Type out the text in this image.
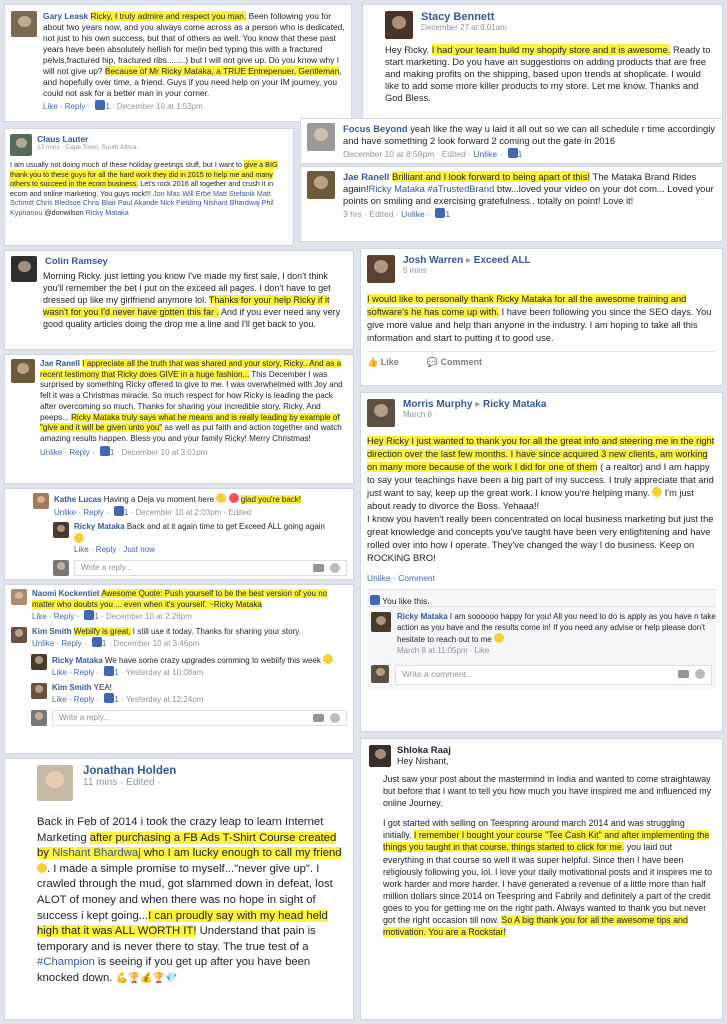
Gary Leask Ricky, I truly admire and respect you man. Been following you for about two years now, and you always come across as a person who is dedicated, not just to his own success, but that of others as well. You know that these past years have been absolutely hellish for me(in bed typing this with a fractured pelvis,fractured hip, fractured ribs........) but I will not give up. Do you know why I will not give up? Because of Mr Ricky Mataka, a TRUE Entrepenuer, Gentleman, and hopefully over time, a friend. Guys if you need help on your IM journey, you could not ask for a better man in your corner.
Like · Reply · 1 · December 10 at 1:53pm
Stacy Bennett
December 27 at 9:01am
Hey Ricky. I had your team build my shopify store and it is awesome. Ready to start marketing. Do you have an suggestions on adding products that are free and making profits on the shipping, based upon trends at shoplicate. I would like to add some more killer products to my store. Let me know. Thanks and God Bless.
Claus Lauter
13 mins · Cape Town, South Africa ·
I am usually not doing much of these holiday greetings stuff, but I want to give a BIG thank you to these guys for all the hard work they did in 2015 to help me and many others to succeed in the ecom business. Let's rock 2016 all together and crush it in ecom and online marketing. You guys rock!!! Jon Mac Will Erbe Matt Stefanik Matt Schmitt Chris Bledsoe Chris Blair Paul Akande Nick Fielding Nishant Bhardwaj Phil Kyprianou @donwilson Ricky Mataka
Focus Beyond yeah like the way u laid it all out so we can all schedule r time accordingly and have something 2 look forward 2 coming out the gate in 2016
December 10 at 8:58pm · Edited · Unlike · 1
Jae Ranell Brilliant and I look forward to being apart of this! The Mataka Brand Rides again!Ricky Mataka #aTrustedBrand btw...loved your video on your dot com... Loved your points on smiling and exercising gratefulness.. totally on point! Love it!
3 hrs · Edited · Unlike · 1
Colin Ramsey
Morning Ricky. just letting you know I've made my first sale, I don't think you'll remember the bet I put on the exceed all pages. I don't have to get dressed up like my girlfriend anymore lol. Thanks for your help Ricky if it wasn't for you I'd never have gotten this far . And if you ever need any very good quality articles doing the drop me a line and I'll get back to you.
Josh Warren ▸ Exceed ALL
5 mins ·
I would like to personally thank Ricky Mataka for all the awesome training and software's he has come up with. I have been following you since the SEO days. You give more value and help than anyone in the industry. I am hoping to take all this information and start to putting it to good use.
👍 Like	💬 Comment
Jae Ranell I appreciate all the truth that was shared and your story, Ricky.. And as a recent testimony that Ricky does GIVE in a huge fashion... This December I was surprised by something Ricky offered to give to me. I was overwhelmed with Joy and felt it was a Christmas miracle. So much respect for how Ricky is leading the pack after overcoming so much. Thanks for sharing your incredible story, Ricky. And peeps... Ricky Mataka truly says what he means and is really leading by example of "give and it will be given unto you" as well as put faith and action together and watch amazing results happen. Bless you and your family Ricky! Merry Christmas!
Unlike · Reply · 1 · December 10 at 3:01pm
Morris Murphy ▸ Ricky Mataka
March 8 ·
Hey Ricky I just wanted to thank you for all the great info and steering me in the right direction over the last few months. I have since acquired 3 new clients, am working on many more because of the work I did for one of them ( a realtor) and I am happy to say your teachings have been a big part of my success. I truly appreciate that and just want to say, keep up the great work. I know you're helping many.  I'm just about ready to divorce the Boss. Yehaaa!!
I know you haven't really been concentrated on local business marketing but just the great knowledge and concepts you've taught have been very enlightening and have rolled over into how I operate. They've changed the way I do business. Keep on ROCKING BRO!
Unlike · Comment
You like this.
Ricky Mataka I am soooooo happy for you! All you need to do is apply as you have n take action as you have and the results come in! If you need any advise or help please don't hesitate to reach out to me
March 8 at 11:05pm · Like
Write a comment...
Kathe Lucas Having a Deja vu moment here	glad you're back!
Unlike · Reply · 1 · December 10 at 2:03pm · Edited
Ricky Mataka Back and at it again time to get Exceed ALL going again

Like · Reply · Just now
Write a reply...
Naomi Kockentiet Awesome Quote: Push yourself to be the best version of you no matter who doubts you ... even when it's yourself. ~Ricky Mataka
Like · Reply · 1 · December 10 at 2:26pm
Kim Smith Webiify is great, I still use it today. Thanks for sharing your story.
Unlike · Reply · 1 · December 10 at 3:46pm
Ricky Mataka We have some crazy upgrades comming to webiify this week
Like · Reply · 1 · Yesterday at 10:08am
Kim Smith YEA!
Like · Reply · 1 · Yesterday at 12:24pm
Write a reply...
Jonathan Holden
11 mins · Edited ·
Back in Feb of 2014 i took the crazy leap to learn Internet Marketing after purchasing a FB Ads T-Shirt Course created by Nishant Bhardwaj who I am lucky enough to call my friend . I made a simple promise to myself..."never give up". I crawled through the mud, got slammed down in defeat, lost ALOT of money and when there was no hope in sight of success i kept going...I can proudly say with my head held high that it was ALL WORTH IT! Understand that pain is temporary and is never there to stay. The true test of a #Champion is seeing if you get up after you have been knocked down. 💪🏆💰🏆💎
Shloka Raaj
Hey Nishant,
Just saw your post about the mastermind in India and wanted to come straightaway
but before that I want to tell you how much you have inspired me and influenced my online Journey.
I got started with selling on Teespring around march 2014 and was struggling initially. I remember I bought your course "Tee Cash Kit" and after implementing the things you taught in that course, things started to click for me. you laid out everything in that course so well it was super helpful. Since then I have been religiously following you, lol. I love your daily motivational posts and it inspires me to work harder and more harder. I have generated a revenue of a little more than half million dollars since 2014 on Teespring and Fabrily and definitely a part of the credit goes to you for getting me on the right path. Always wanted to thank you but never got the right occasion till now. So A big thank you for all the awesome tips and motivation. You are a Rockstar!
